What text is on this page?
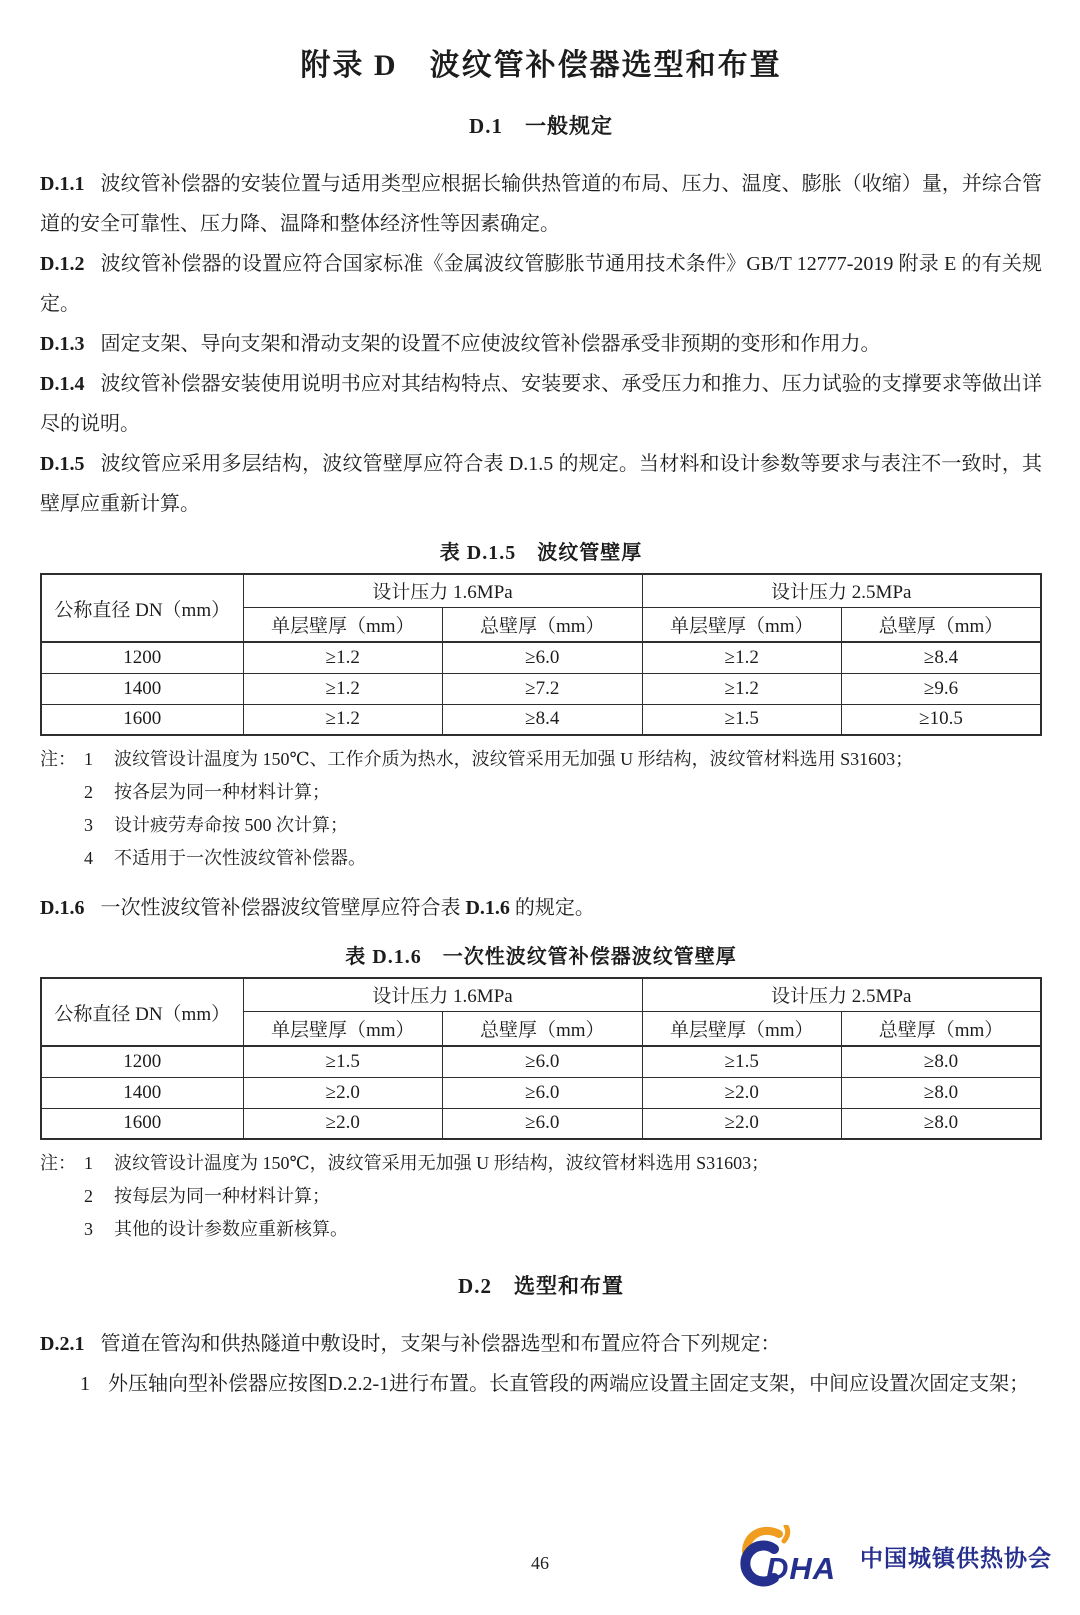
附录 D　波纹管补偿器选型和布置
D.1　一般规定

D.1.1 波纹管补偿器的安装位置与适用类型应根据长输供热管道的布局、压力、温度、膨胀（收缩）量，并综合管道的安全可靠性、压力降、温降和整体经济性等因素确定。

D.1.2 波纹管补偿器的设置应符合国家标准《金属波纹管膨胀节通用技术条件》GB/T 12777-2019 附录 E 的有关规定。

D.1.3 固定支架、导向支架和滑动支架的设置不应使波纹管补偿器承受非预期的变形和作用力。

D.1.4 波纹管补偿器安装使用说明书应对其结构特点、安装要求、承受压力和推力、压力试验的支撑要求等做出详尽的说明。

D.1.5 波纹管应采用多层结构，波纹管壁厚应符合表 D.1.5 的规定。当材料和设计参数等要求与表注不一致时，其壁厚应重新计算。

表 D.1.5　波纹管壁厚
公称直径 DN（mm）	设计压力 1.6MPa		设计压力 2.5MPa	
	单层壁厚（mm）	总壁厚（mm）	单层壁厚（mm）	总壁厚（mm）
1200	≥1.2	≥6.0	≥1.2	≥8.4
1400	≥1.2	≥7.2	≥1.2	≥9.6
1600	≥1.2	≥8.4	≥1.5	≥10.5
注： 1	波纹管设计温度为 150℃、工作介质为热水，波纹管采用无加强 U 形结构，波纹管材料选用 S31603；
2	按各层为同一种材料计算；
3	设计疲劳寿命按 500 次计算；
4	不适用于一次性波纹管补偿器。

D.1.6 一次性波纹管补偿器波纹管壁厚应符合表 D.1.6 的规定。

表 D.1.6　一次性波纹管补偿器波纹管壁厚
公称直径 DN（mm）	设计压力 1.6MPa		设计压力 2.5MPa	
	单层壁厚（mm）	总壁厚（mm）	单层壁厚（mm）	总壁厚（mm）
1200	≥1.5	≥6.0	≥1.5	≥8.0
1400	≥2.0	≥6.0	≥2.0	≥8.0
1600	≥2.0	≥6.0	≥2.0	≥8.0
注： 1	波纹管设计温度为 150℃，波纹管采用无加强 U 形结构，波纹管材料选用 S31603；
2	按每层为同一种材料计算；
3	其他的设计参数应重新核算。
D.2　选型和布置

D.2.1 管道在管沟和供热隧道中敷设时，支架与补偿器选型和布置应符合下列规定：

1 外压轴向型补偿器应按图D.2.2-1进行布置。长直管段的两端应设置主固定支架，中间应设置次固定支架；

46	DHA 中国城镇供热协会
